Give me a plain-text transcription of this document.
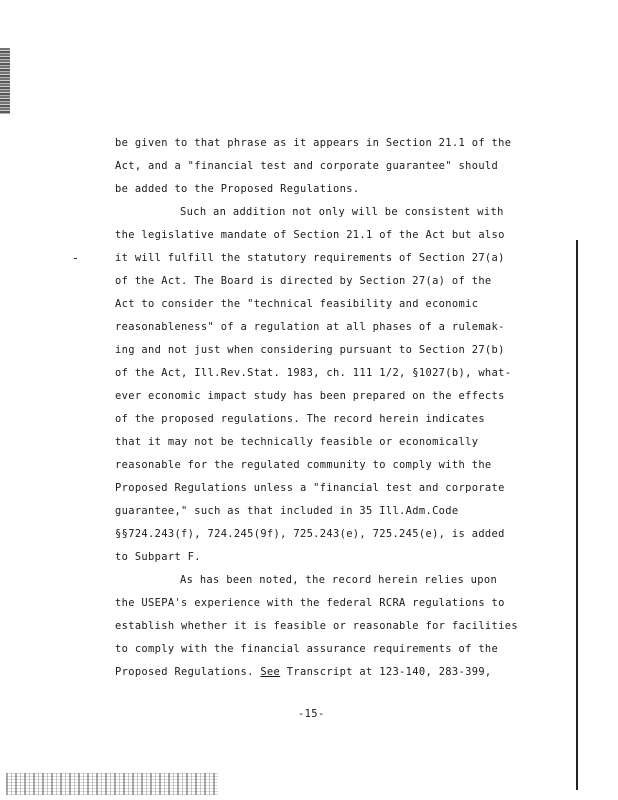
be given to that phrase as it appears in Section 21.1 of the
Act, and a "financial test and corporate guarantee" should
be added to the Proposed Regulations.
Such an addition not only will be consistent with
the legislative mandate of Section 21.1 of the Act but also
it will fulfill the statutory requirements of Section 27(a)
of the Act. The Board is directed by Section 27(a) of the
Act to consider the "technical feasibility and economic
reasonableness" of a regulation at all phases of a rulemak-
ing and not just when considering pursuant to Section 27(b)
of the Act, Ill.Rev.Stat. 1983, ch. 111 1/2, §1027(b), what-
ever economic impact study has been prepared on the effects
of the proposed regulations. The record herein indicates
that it may not be technically feasible or economically
reasonable for the regulated community to comply with the
Proposed Regulations unless a "financial test and corporate
guarantee," such as that included in 35 Ill.Adm.Code
§§724.243(f), 724.245(9f), 725.243(e), 725.245(e), is added
to Subpart F.
As has been noted, the record herein relies upon
the USEPA's experience with the federal RCRA regulations to
establish whether it is feasible or reasonable for facilities
to comply with the financial assurance requirements of the
Proposed Regulations. See Transcript at 123-140, 283-399,
-15-
